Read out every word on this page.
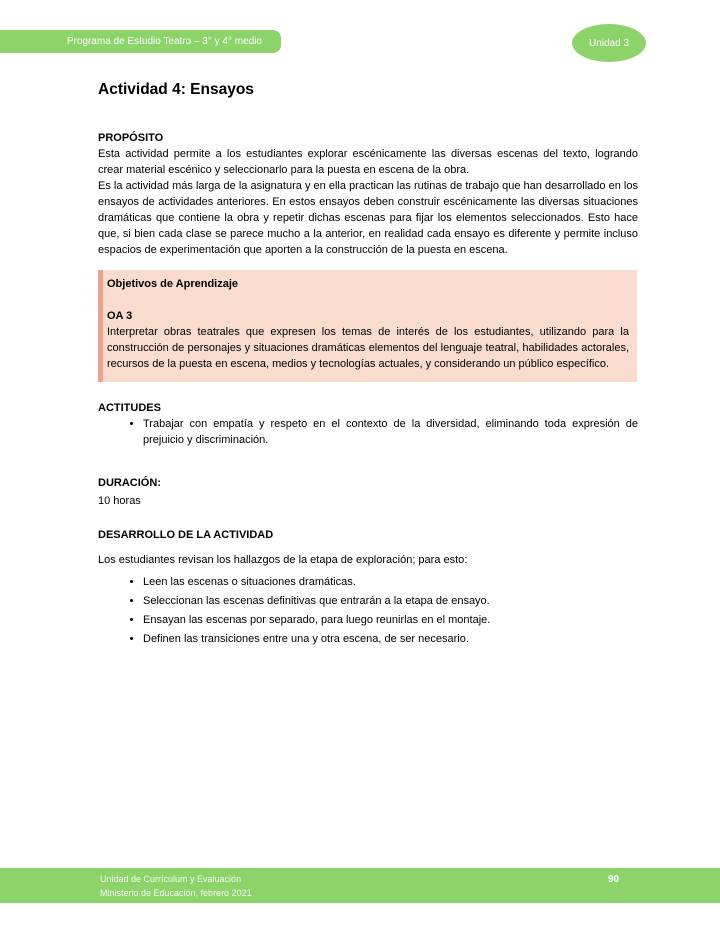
Programa de Estudio Teatro – 3° y 4° medio	Unidad 3
Actividad 4: Ensayos
PROPÓSITO
Esta actividad permite a los estudiantes explorar escénicamente las diversas escenas del texto, logrando crear material escénico y seleccionarlo para la puesta en escena de la obra.
Es la actividad más larga de la asignatura y en ella practican las rutinas de trabajo que han desarrollado en los ensayos de actividades anteriores. En estos ensayos deben construir escénicamente las diversas situaciones dramáticas que contiene la obra y repetir dichas escenas para fijar los elementos seleccionados. Esto hace que, si bien cada clase se parece mucho a la anterior, en realidad cada ensayo es diferente y permite incluso espacios de experimentación que aporten a la construcción de la puesta en escena.
Objetivos de Aprendizaje
OA 3
Interpretar obras teatrales que expresen los temas de interés de los estudiantes, utilizando para la construcción de personajes y situaciones dramáticas elementos del lenguaje teatral, habilidades actorales, recursos de la puesta en escena, medios y tecnologías actuales, y considerando un público específico.
ACTITUDES
• Trabajar con empatía y respeto en el contexto de la diversidad, eliminando toda expresión de prejuicio y discriminación.
DURACIÓN:
10 horas
DESARROLLO DE LA ACTIVIDAD
Los estudiantes revisan los hallazgos de la etapa de exploración; para esto:
• Leen las escenas o situaciones dramáticas.
• Seleccionan las escenas definitivas que entrarán a la etapa de ensayo.
• Ensayan las escenas por separado, para luego reunirlas en el montaje.
• Definen las transiciones entre una y otra escena, de ser necesario.
Unidad de Currículum y Evaluación
Ministerio de Educación, febrero 2021
90
